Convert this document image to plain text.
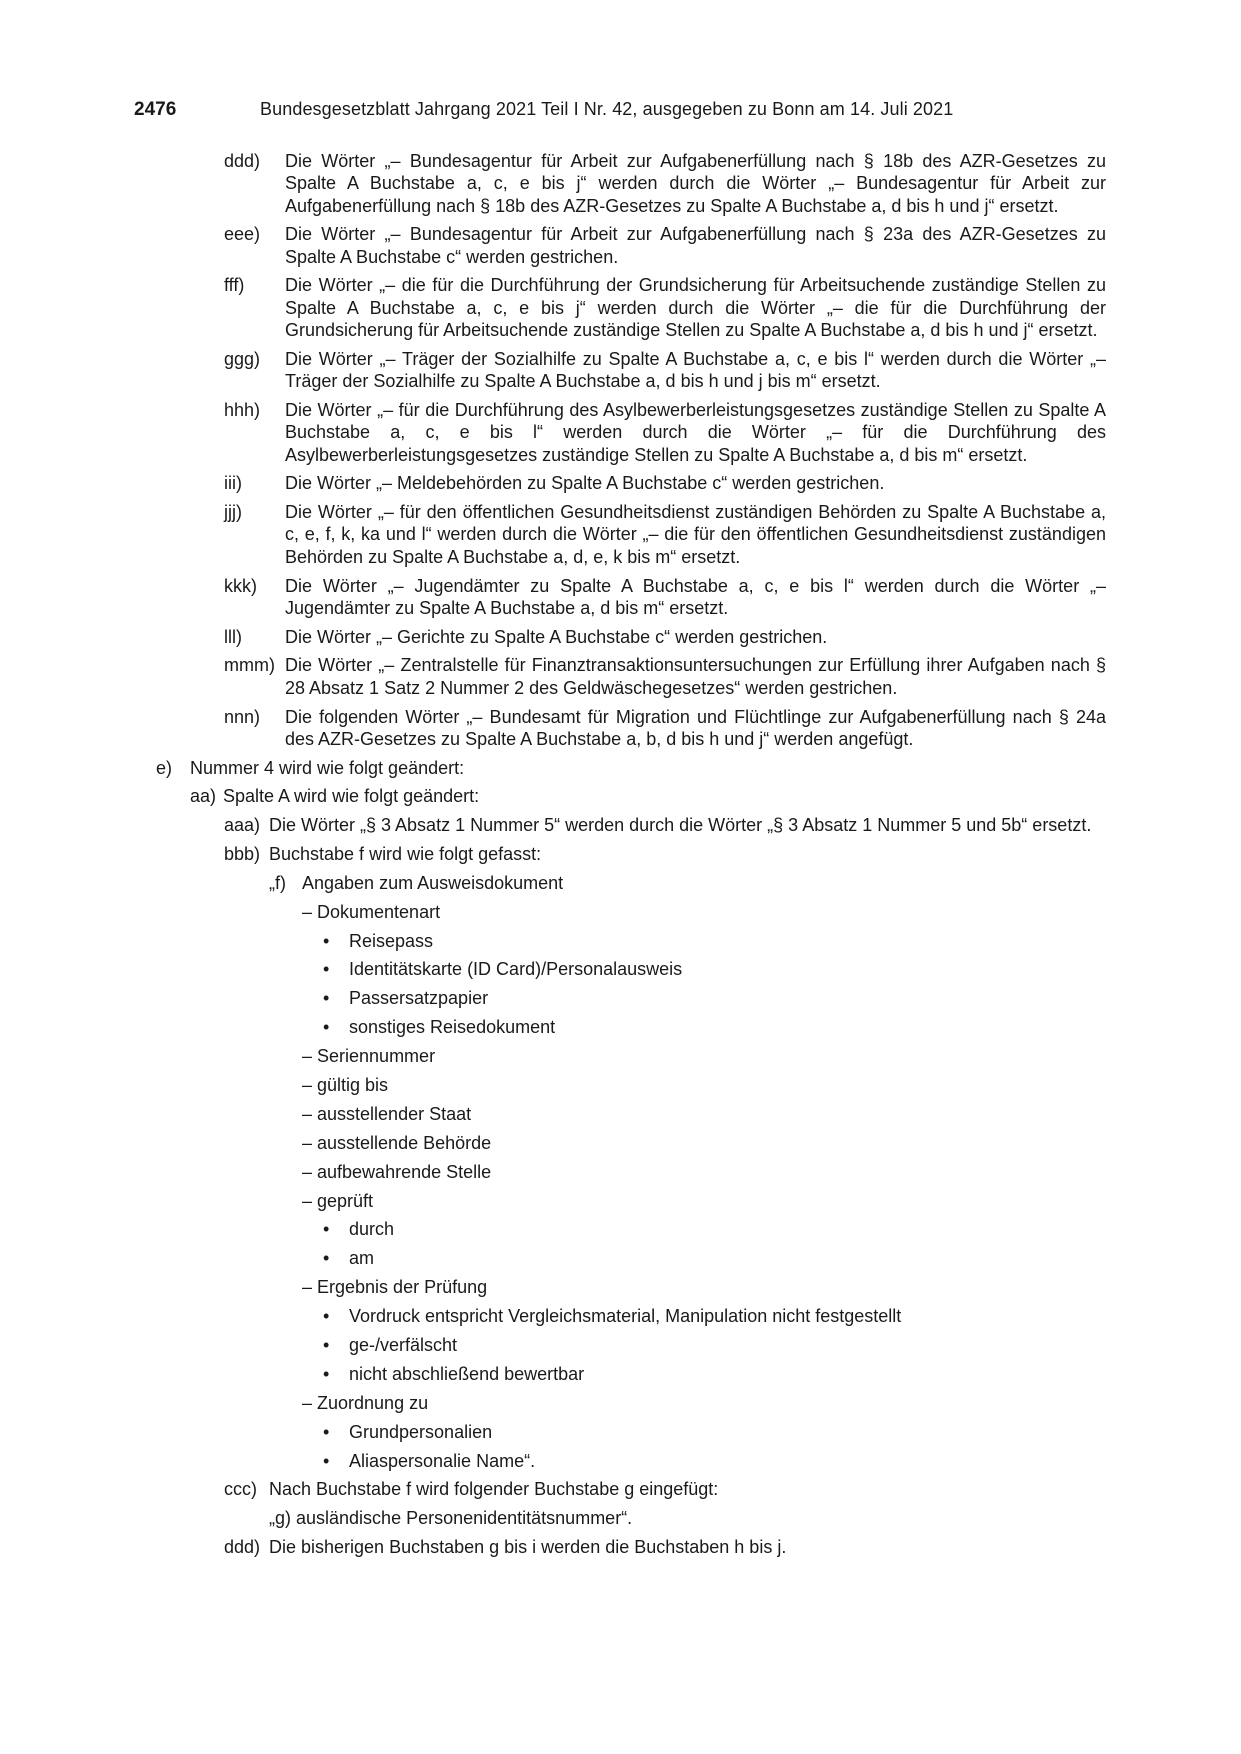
2476	Bundesgesetzblatt Jahrgang 2021 Teil I Nr. 42, ausgegeben zu Bonn am 14. Juli 2021
ddd)	Die Wörter „– Bundesagentur für Arbeit zur Aufgabenerfüllung nach § 18b des AZR-Gesetzes zu Spalte A Buchstabe a, c, e bis j“ werden durch die Wörter „– Bundesagentur für Arbeit zur Aufgabenerfüllung nach § 18b des AZR-Gesetzes zu Spalte A Buchstabe a, d bis h und j“ ersetzt.
eee)	Die Wörter „– Bundesagentur für Arbeit zur Aufgabenerfüllung nach § 23a des AZR-Gesetzes zu Spalte A Buchstabe c“ werden gestrichen.
fff)	Die Wörter „– die für die Durchführung der Grundsicherung für Arbeitsuchende zuständige Stellen zu Spalte A Buchstabe a, c, e bis j“ werden durch die Wörter „– die für die Durchführung der Grundsicherung für Arbeitsuchende zuständige Stellen zu Spalte A Buchstabe a, d bis h und j“ ersetzt.
ggg)	Die Wörter „– Träger der Sozialhilfe zu Spalte A Buchstabe a, c, e bis l“ werden durch die Wörter „– Träger der Sozialhilfe zu Spalte A Buchstabe a, d bis h und j bis m“ ersetzt.
hhh)	Die Wörter „– für die Durchführung des Asylbewerberleistungsgesetzes zuständige Stellen zu Spalte A Buchstabe a, c, e bis l“ werden durch die Wörter „– für die Durchführung des Asylbewerberleistungsgesetzes zuständige Stellen zu Spalte A Buchstabe a, d bis m“ ersetzt.
iii)	Die Wörter „– Meldebehörden zu Spalte A Buchstabe c“ werden gestrichen.
jjj)	Die Wörter „– für den öffentlichen Gesundheitsdienst zuständigen Behörden zu Spalte A Buchstabe a, c, e, f, k, ka und l“ werden durch die Wörter „– die für den öffentlichen Gesundheitsdienst zuständigen Behörden zu Spalte A Buchstabe a, d, e, k bis m“ ersetzt.
kkk)	Die Wörter „– Jugendämter zu Spalte A Buchstabe a, c, e bis l“ werden durch die Wörter „– Jugendämter zu Spalte A Buchstabe a, d bis m“ ersetzt.
lll)	Die Wörter „– Gerichte zu Spalte A Buchstabe c“ werden gestrichen.
mmm) Die Wörter „– Zentralstelle für Finanztransaktionsuntersuchungen zur Erfüllung ihrer Aufgaben nach § 28 Absatz 1 Satz 2 Nummer 2 des Geldwäschegesetzes“ werden gestrichen.
nnn)	Die folgenden Wörter „– Bundesamt für Migration und Flüchtlinge zur Aufgabenerfüllung nach § 24a des AZR-Gesetzes zu Spalte A Buchstabe a, b, d bis h und j“ werden angefügt.
e) Nummer 4 wird wie folgt geändert:
aa) Spalte A wird wie folgt geändert:
aaa) Die Wörter „§ 3 Absatz 1 Nummer 5“ werden durch die Wörter „§ 3 Absatz 1 Nummer 5 und 5b“ ersetzt.
bbb) Buchstabe f wird wie folgt gefasst:
„f) Angaben zum Ausweisdokument
– Dokumentenart
•	Reisepass
•	Identitätskarte (ID Card)/Personalausweis
•	Passersatzpapier
•	sonstiges Reisedokument
– Seriennummer
– gültig bis
– ausstellender Staat
– ausstellende Behörde
– aufbewahrende Stelle
– geprüft
•	durch
•	am
– Ergebnis der Prüfung
•	Vordruck entspricht Vergleichsmaterial, Manipulation nicht festgestellt
•	ge-/verfälscht
•	nicht abschließend bewertbar
– Zuordnung zu
•	Grundpersonalien
•	Aliaspersonalie Name“.
ccc) Nach Buchstabe f wird folgender Buchstabe g eingefügt:
„g) ausländische Personenidentitätsnummer“.
ddd) Die bisherigen Buchstaben g bis i werden die Buchstaben h bis j.
